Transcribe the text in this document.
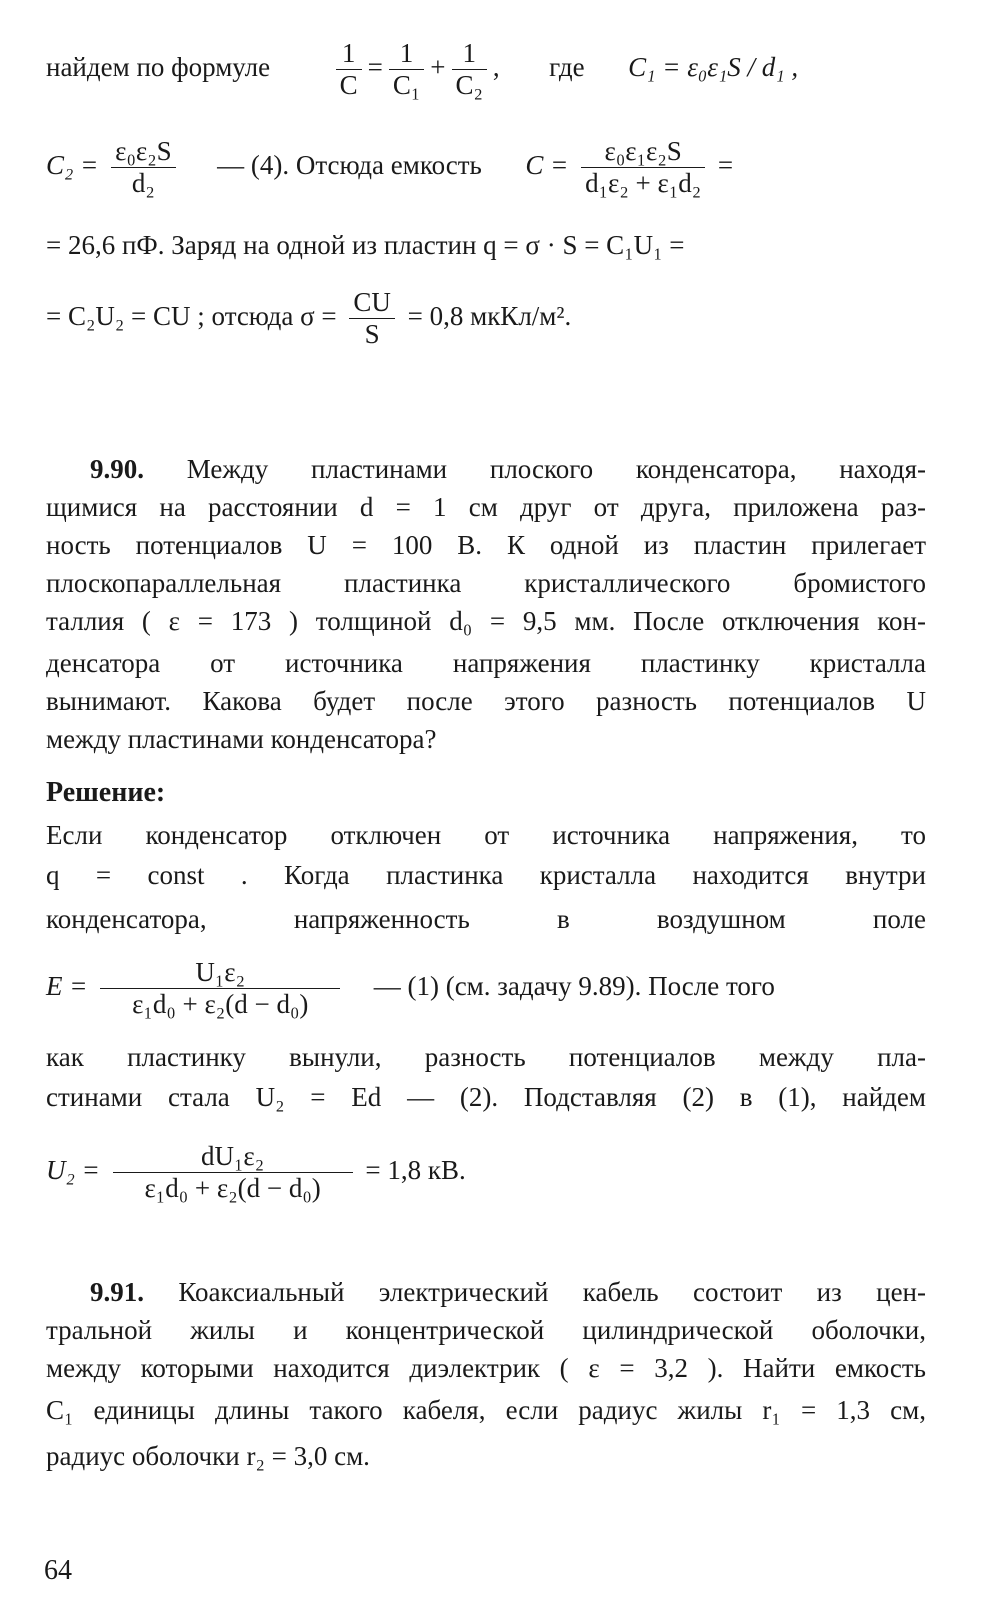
найдем по формуле $\frac{1}{C} = \frac{1}{\text{C₁}} + \frac{1}{\text{C₂}}$ ,  где C₁ = ε₀ε₁S / d₁ ,
$C_2 = \frac{\text{ε₀ε₂S}}{\text{d₂}}$ — (4). Отсюда емкость $C = \frac{\text{ε₀ε₁ε₂S}}{\text{d₁ε₂ + ε₁d₂}}$ =
= 26,6 пФ. Заряд на одной из пластин q = σ · S = C₁U₁ =
= C₂U₂ = CU ; отсюда $\sigma = \frac{CU}{S} = 0,8$ мкКл/м².
9.90. Между пластинами плоского конденсатора, находя-
щимися на расстоянии d = 1 см друг от друга, приложена раз-
ность потенциалов U = 100 В. К одной из пластин прилегает
плоскопараллельная пластинка кристаллического бромистого
таллия ( ε = 173 ) толщиной d₀ = 9,5 мм. После отключения кон-
денсатора от источника напряжения пластинку кристалла
вынимают. Какова будет после этого разность потенциалов U
между пластинами конденсатора?
Решение:
Если конденсатор отключен от источника напряжения, то
q = const . Когда пластинка кристалла находится внутри
конденсатора, напряженность в воздушном поле
$E = \frac{\text{U₁ε₂}}{\text{ε₁d₀ + ε₂(d − d₀)}}$ — (1) (см. задачу 9.89). После того
как пластинку вынули, разность потенциалов между пла-
стинами стала U₂ = Ed — (2). Подставляя (2) в (1), найдем
$U_2 = \frac{\text{dU₁ε₂}}{\text{ε₁d₀ + ε₂(d − d₀)}} = 1,8$ кВ.
9.91. Коаксиальный электрический кабель состоит из цен-
тральной жилы и концентрической цилиндрической оболочки,
между которыми находится диэлектрик ( ε = 3,2 ). Найти емкость
C₁ единицы длины такого кабеля, если радиус жилы r₁ = 1,3 см,
радиус оболочки r₂ = 3,0 см.
64
